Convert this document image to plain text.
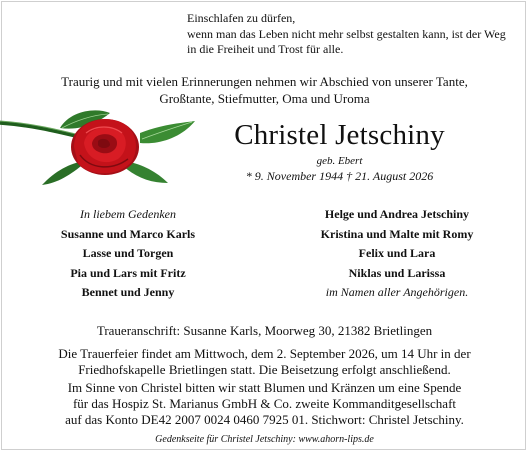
Einschlafen zu dürfen,
wenn man das Leben nicht mehr selbst gestalten kann, ist der Weg
in die Freiheit und Trost für alle.
Traurig und mit vielen Erinnerungen nehmen wir Abschied von unserer Tante,
Großtante, Stiefmutter, Oma und Uroma
Christel Jetschiny
geb. Ebert
* 9. November 1944 † 21. August 2026
In liebem Gedenken
Susanne und Marco Karls
Lasse und Torgen
Pia und Lars mit Fritz
Bennet und Jenny
Helge und Andrea Jetschiny
Kristina und Malte mit Romy
Felix und Lara
Niklas und Larissa
im Namen aller Angehörigen.
Traueranschrift: Susanne Karls, Moorweg 30, 21382 Brietlingen
Die Trauerfeier findet am Mittwoch, dem 2. September 2026, um 14 Uhr in der
Friedhofskapelle Brietlingen statt. Die Beisetzung erfolgt anschließend.
Im Sinne von Christel bitten wir statt Blumen und Kränzen um eine Spende
für das Hospiz St. Marianus GmbH & Co. zweite Kommanditgesellschaft
auf das Konto DE42 2007 0024 0460 7925 01. Stichwort: Christel Jetschiny.
Gedenkseite für Christel Jetschiny: www.ahorn-lips.de
